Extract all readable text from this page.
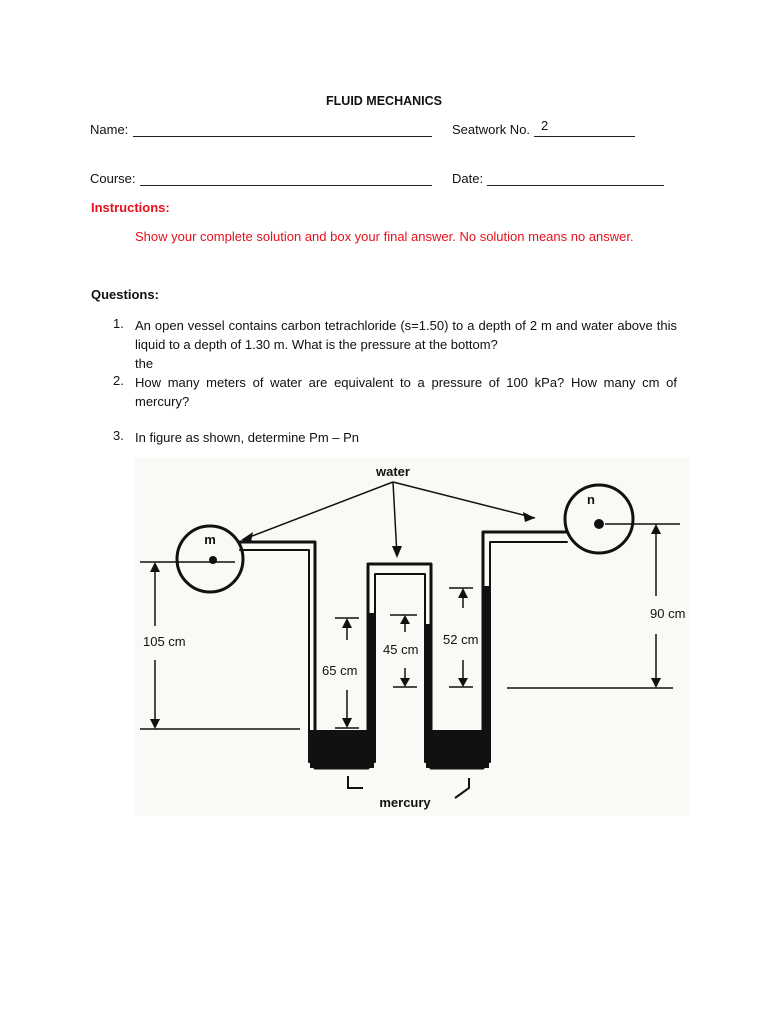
FLUID MECHANICS
Name:	Seatwork No. 2
Course:	Date:
Instructions:
Show your complete solution and box your final answer. No solution means no answer.
Questions:
1. An open vessel contains carbon tetrachloride (s=1.50) to a depth of 2 m and water above this liquid to a depth of 1.30 m. What is the pressure at the bottom?
the
2. How many meters of water are equivalent to a pressure of 100 kPa? How many cm of mercury?
3. In figure as shown, determine Pm – Pn
water
m
n
105 cm
65 cm
45 cm
52 cm
90 cm
mercury
